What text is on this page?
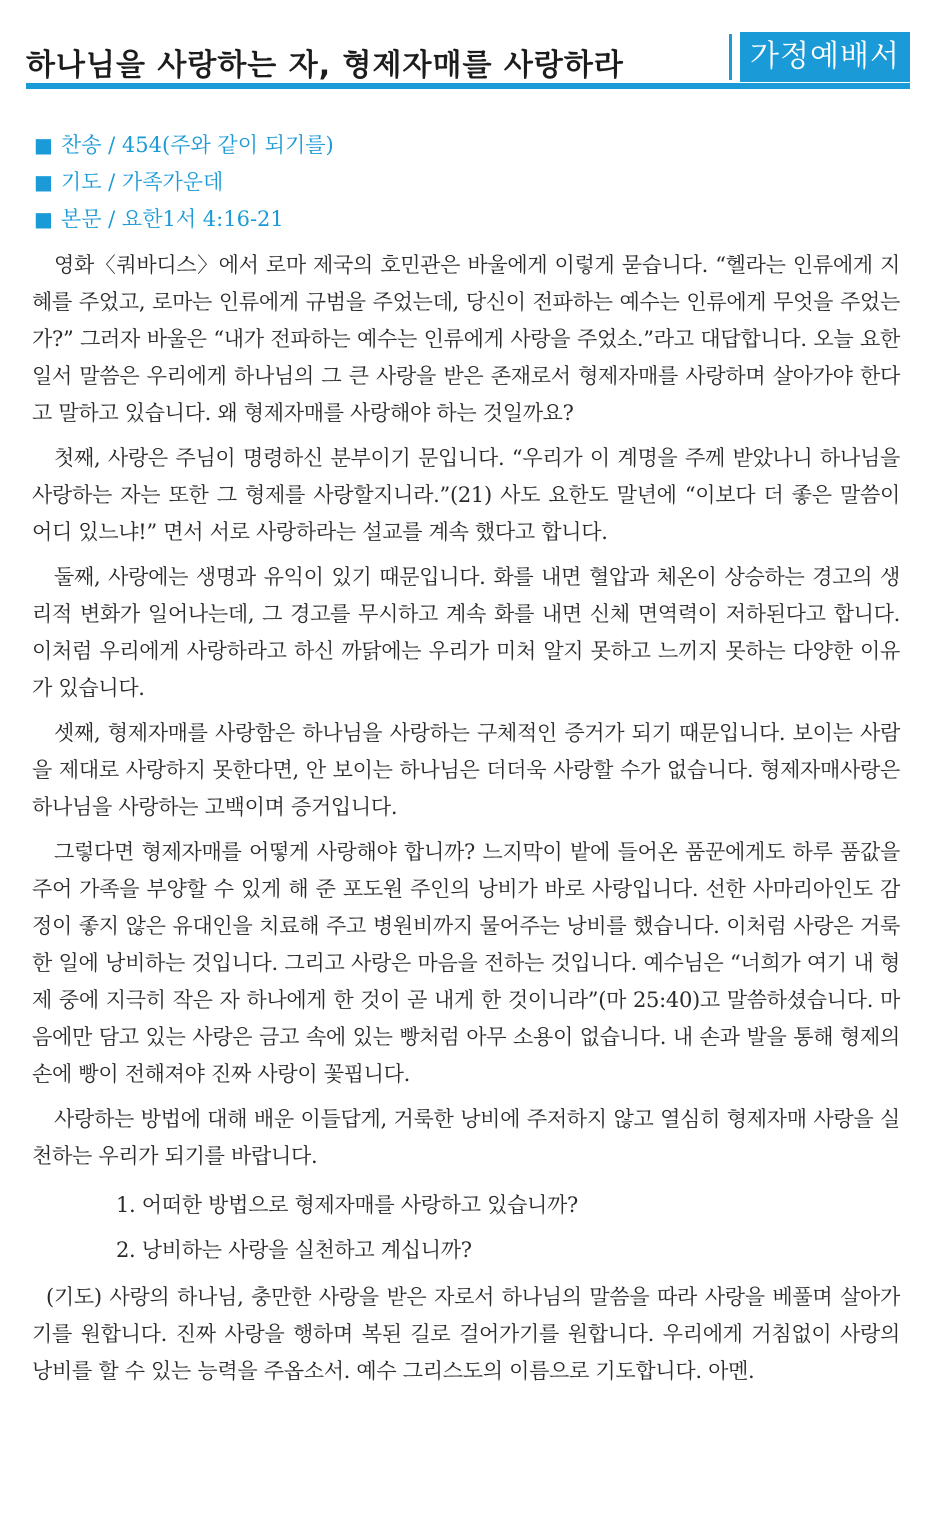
하나님을 사랑하는 자, 형제자매를 사랑하라	가정예배서
■ 찬송 / 454(주와 같이 되기를)
■ 기도 / 가족가운데
■ 본문 / 요한1서 4:16-21

영화〈쿼바디스〉에서 로마 제국의 호민관은 바울에게 이렇게 묻습니다. “헬라는 인류에게 지혜를 주었고, 로마는 인류에게 규범을 주었는데, 당신이 전파하는 예수는 인류에게 무엇을 주었는가?” 그러자 바울은 “내가 전파하는 예수는 인류에게 사랑을 주었소.”라고 대답합니다. 오늘 요한일서 말씀은 우리에게 하나님의 그 큰 사랑을 받은 존재로서 형제자매를 사랑하며 살아가야 한다고 말하고 있습니다. 왜 형제자매를 사랑해야 하는 것일까요?

첫째, 사랑은 주님이 명령하신 분부이기 문입니다. “우리가 이 계명을 주께 받았나니 하나님을 사랑하는 자는 또한 그 형제를 사랑할지니라.”(21) 사도 요한도 말년에 “이보다 더 좋은 말씀이 어디 있느냐!” 면서 서로 사랑하라는 설교를 계속 했다고 합니다.

둘째, 사랑에는 생명과 유익이 있기 때문입니다. 화를 내면 혈압과 체온이 상승하는 경고의 생리적 변화가 일어나는데, 그 경고를 무시하고 계속 화를 내면 신체 면역력이 저하된다고 합니다. 이처럼 우리에게 사랑하라고 하신 까닭에는 우리가 미처 알지 못하고 느끼지 못하는 다양한 이유가 있습니다.

셋째, 형제자매를 사랑함은 하나님을 사랑하는 구체적인 증거가 되기 때문입니다. 보이는 사람을 제대로 사랑하지 못한다면, 안 보이는 하나님은 더더욱 사랑할 수가 없습니다. 형제자매사랑은 하나님을 사랑하는 고백이며 증거입니다.

그렇다면 형제자매를 어떻게 사랑해야 합니까? 느지막이 밭에 들어온 품꾼에게도 하루 품값을 주어 가족을 부양할 수 있게 해 준 포도원 주인의 낭비가 바로 사랑입니다. 선한 사마리아인도 감정이 좋지 않은 유대인을 치료해 주고 병원비까지 물어주는 낭비를 했습니다. 이처럼 사랑은 거룩한 일에 낭비하는 것입니다. 그리고 사랑은 마음을 전하는 것입니다. 예수님은 “너희가 여기 내 형제 중에 지극히 작은 자 하나에게 한 것이 곧 내게 한 것이니라”(마 25:40)고 말씀하셨습니다. 마음에만 담고 있는 사랑은 금고 속에 있는 빵처럼 아무 소용이 없습니다. 내 손과 발을 통해 형제의 손에 빵이 전해져야 진짜 사랑이 꽃핍니다.

사랑하는 방법에 대해 배운 이들답게, 거룩한 낭비에 주저하지 않고 열심히 형제자매 사랑을 실천하는 우리가 되기를 바랍니다.

1. 어떠한 방법으로 형제자매를 사랑하고 있습니까?
2. 낭비하는 사랑을 실천하고 계십니까?

(기도) 사랑의 하나님, 충만한 사랑을 받은 자로서 하나님의 말씀을 따라 사랑을 베풀며 살아가기를 원합니다. 진짜 사랑을 행하며 복된 길로 걸어가기를 원합니다. 우리에게 거침없이 사랑의 낭비를 할 수 있는 능력을 주옵소서. 예수 그리스도의 이름으로 기도합니다. 아멘.
